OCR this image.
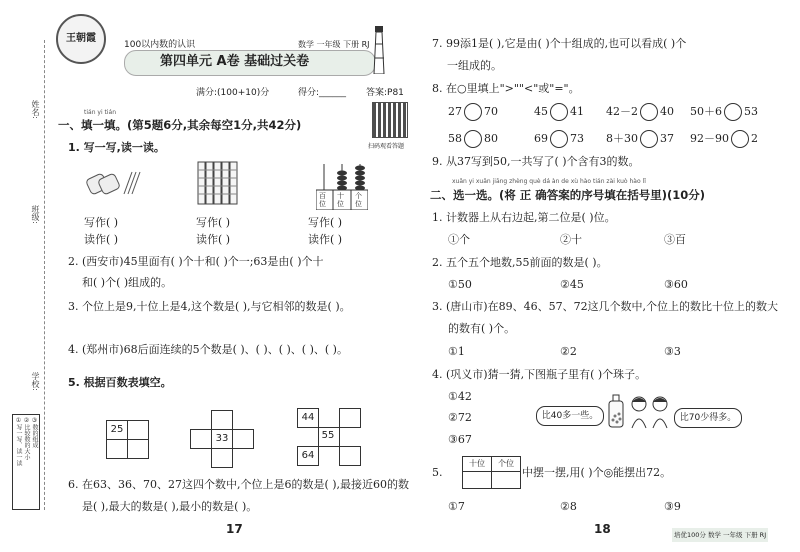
姓名:
班级:
学校:
①写一写、读一读 ②比较数的大小 ③数的组成
王朝霞
100以内数的认识	数学 一年级 下册 RJ
第四单元 A卷 基础过关卷
满分:(100+10)分	得分:______ 答案:P81
扫码观看答题
tián yi tián
一、填一填。(第5题6分,其余每空1分,共42分)
1. 写一写,读一读。
百位
十位
个位
写作( )
读作( )
写作( )
读作( )
写作( )
读作( )
2. (西安市)45里面有( )个十和( )个一;63是由( )个十
和( )个( )组成的。
3. 个位上是9,十位上是4,这个数是( ),与它相邻的数是( )。
4. (郑州市)68后面连续的5个数是( )、( )、( )、( )、( )。
5. 根据百数表填空。
25
33
44
55
64
6. 在63、36、70、27这四个数中,个位上是6的数是( ),最接近60的数
是( ),最大的数是( ),最小的数是( )。
17
7. 99添1是( ),它是由( )个十组成的,也可以看成( )个
一组成的。
8. 在○里填上">""<"或"="。
27 70	45 41 42－2 40 50＋6 53
58 80	69 73 8＋30 37 92－90 2
9. 从37写到50,一共写了( )个含有3的数。
xuǎn yi xuǎn jiāng zhèng què dá àn de xù hào tián zài kuò hào lǐ
二、选一选。(将 正 确答案的序号填在括号里)(10分)
1. 计数器上从右边起,第二位是( )位。
①个	②十	③百
2. 五个五个地数,55前面的数是( )。
①50	②45	③60
3. (唐山市)在89、46、57、72这几个数中,个位上的数比十位上的数大
的数有( )个。
①1	②2	③3
4. (巩义市)猜一猜,下图瓶子里有( )个珠子。
①42
②72
③67
比40多一些。	比70少得多。
5.
十位	个位
中摆一摆,用( )个◎能摆出72。
①7	②8	③9
18	培优100分 数学 一年级 下册 RJ
